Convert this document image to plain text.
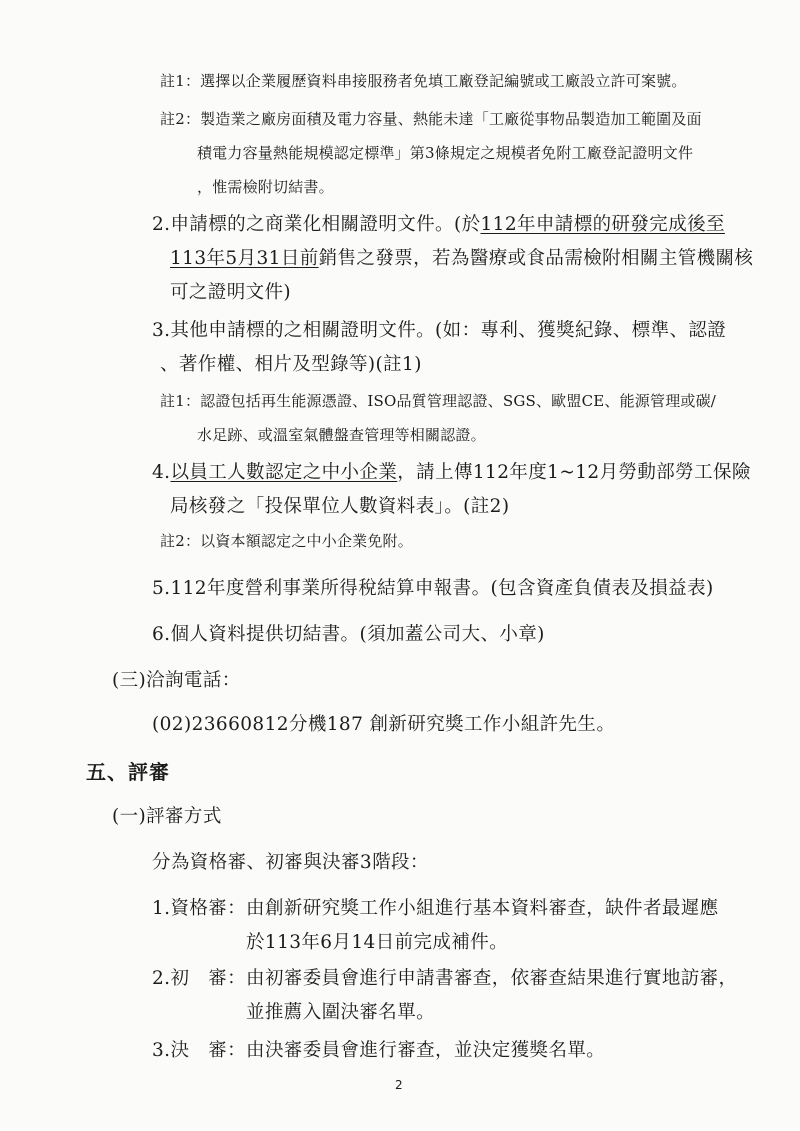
註1：選擇以企業履歷資料串接服務者免填工廠登記編號或工廠設立許可案號。
註2：製造業之廠房面積及電力容量、熱能未達「工廠從事物品製造加工範圍及面
積電力容量熱能規模認定標準」第3條規定之規模者免附工廠登記證明文件
，惟需檢附切結書。
2.申請標的之商業化相關證明文件。(於112年申請標的研發完成後至
113年5月31日前銷售之發票，若為醫療或食品需檢附相關主管機關核
可之證明文件)
3.其他申請標的之相關證明文件。(如：專利、獲獎紀錄、標準、認證
、著作權、相片及型錄等)(註1)
註1：認證包括再生能源憑證、ISO品質管理認證、SGS、歐盟CE、能源管理或碳/
水足跡、或溫室氣體盤查管理等相關認證。
4.以員工人數認定之中小企業，請上傳112年度1~12月勞動部勞工保險
局核發之「投保單位人數資料表」。(註2)
註2：以資本額認定之中小企業免附。
5.112年度營利事業所得稅結算申報書。(包含資產負債表及損益表)
6.個人資料提供切結書。(須加蓋公司大、小章)
(三)洽詢電話：
(02)23660812分機187 創新研究獎工作小組許先生。
五、評審
(一)評審方式
分為資格審、初審與決審3階段：
1.資格審：由創新研究獎工作小組進行基本資料審查，缺件者最遲應
於113年6月14日前完成補件。
2.初　審：由初審委員會進行申請書審查，依審查結果進行實地訪審，
並推薦入圍決審名單。
3.決　審：由決審委員會進行審查，並決定獲獎名單。
2
